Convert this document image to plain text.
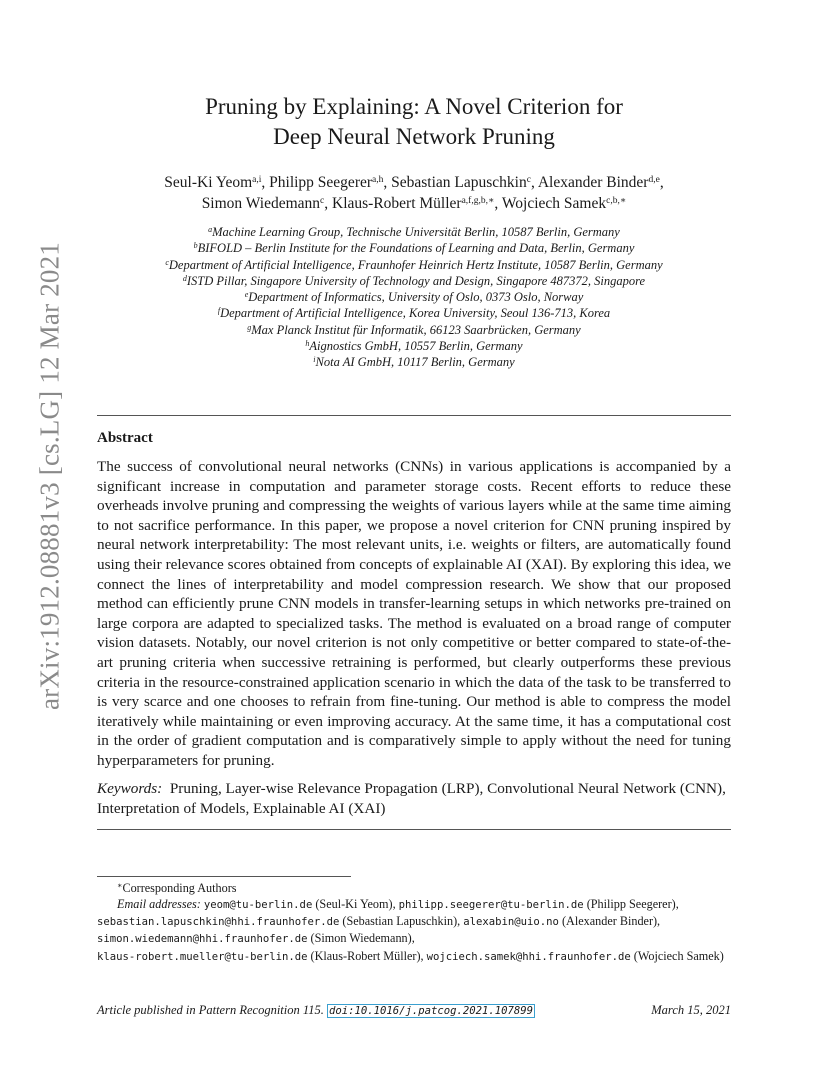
arXiv:1912.08881v3 [cs.LG] 12 Mar 2021
Pruning by Explaining: A Novel Criterion for
Deep Neural Network Pruning
Seul-Ki Yeom$^{a,i}$, Philipp Seegerer$^{a,h}$, Sebastian Lapuschkin$^c$, Alexander Binder$^{d,e}$,
Simon Wiedemann$^c$, Klaus-Robert Müller$^{a,f,g,b,∗}$, Wojciech Samek$^{c,b,∗}$
$^a$Machine Learning Group, Technische Universität Berlin, 10587 Berlin, Germany
$^b$BIFOLD – Berlin Institute for the Foundations of Learning and Data, Berlin, Germany
$^c$Department of Artificial Intelligence, Fraunhofer Heinrich Hertz Institute, 10587 Berlin, Germany
$^d$ISTD Pillar, Singapore University of Technology and Design, Singapore 487372, Singapore
$^e$Department of Informatics, University of Oslo, 0373 Oslo, Norway
$^f$Department of Artificial Intelligence, Korea University, Seoul 136-713, Korea
$^g$Max Planck Institut für Informatik, 66123 Saarbrücken, Germany
$^h$Aignostics GmbH, 10557 Berlin, Germany
$^i$Nota AI GmbH, 10117 Berlin, Germany
Abstract
The success of convolutional neural networks (CNNs) in various applications is accompanied by a significant increase in computation and parameter storage costs. Recent efforts to reduce these overheads involve pruning and compressing the weights of various layers while at the same time aiming to not sacrifice performance. In this paper, we propose a novel criterion for CNN pruning inspired by neural network interpretability: The most relevant units, i.e. weights or filters, are automatically found using their relevance scores obtained from concepts of explainable AI (XAI). By exploring this idea, we connect the lines of interpretability and model compression research. We show that our proposed method can efficiently prune CNN models in transfer-learning setups in which networks pre-trained on large corpora are adapted to specialized tasks. The method is evaluated on a broad range of computer vision datasets. Notably, our novel criterion is not only competitive or better compared to state-of-the-art pruning criteria when successive retraining is performed, but clearly outperforms these previous criteria in the resource-constrained application scenario in which the data of the task to be transferred to is very scarce and one chooses to refrain from fine-tuning. Our method is able to compress the model iteratively while maintaining or even improving accuracy. At the same time, it has a computational cost in the order of gradient computation and is comparatively simple to apply without the need for tuning hyperparameters for pruning.
Keywords: Pruning, Layer-wise Relevance Propagation (LRP), Convolutional Neural Network (CNN), Interpretation of Models, Explainable AI (XAI)
∗Corresponding Authors
Email addresses: yeom@tu-berlin.de (Seul-Ki Yeom), philipp.seegerer@tu-berlin.de (Philipp Seegerer), sebastian.lapuschkin@hhi.fraunhofer.de (Sebastian Lapuschkin), alexabin@uio.no (Alexander Binder), simon.wiedemann@hhi.fraunhofer.de (Simon Wiedemann),
klaus-robert.mueller@tu-berlin.de (Klaus-Robert Müller), wojciech.samek@hhi.fraunhofer.de (Wojciech Samek)
Article published in Pattern Recognition 115. doi:10.1016/j.patcog.2021.107899	March 15, 2021
